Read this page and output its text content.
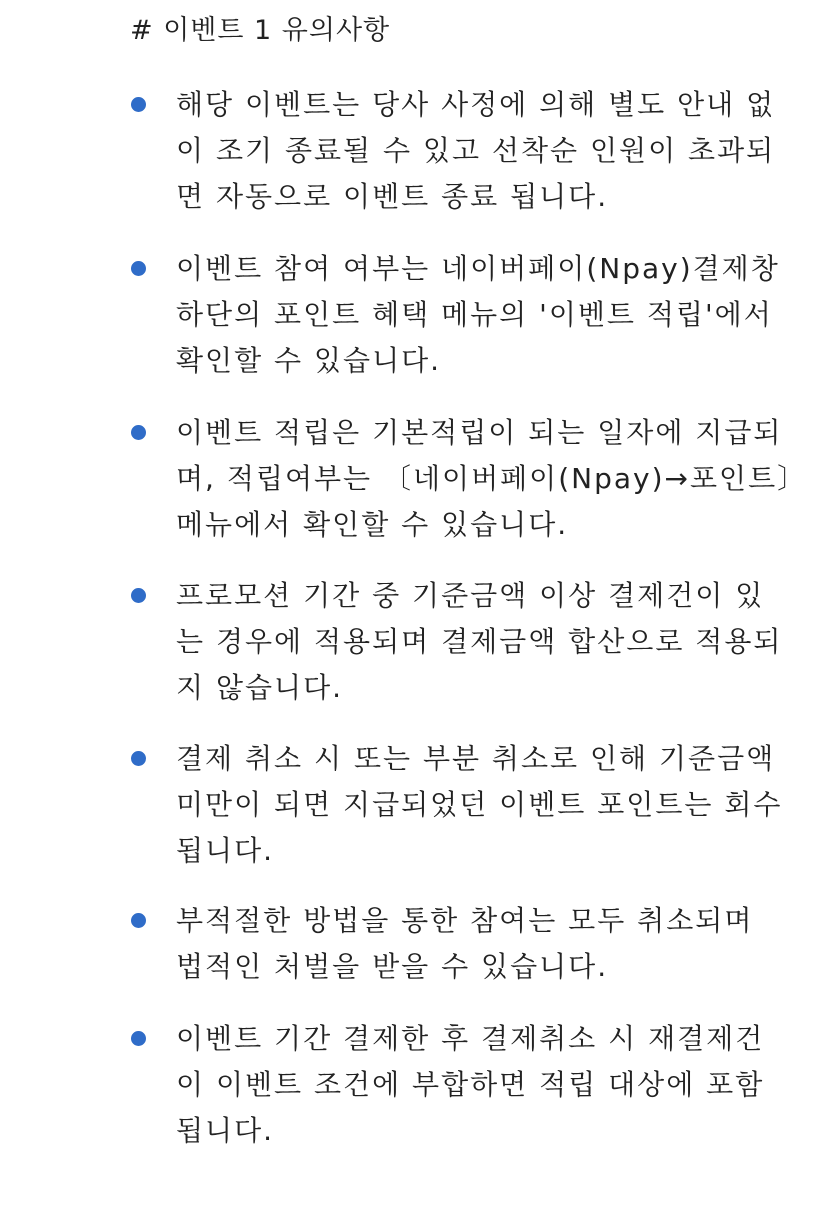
# 이벤트 1 유의사항
해당 이벤트는 당사 사정에 의해 별도 안내 없
이 조기 종료될 수 있고 선착순 인원이 초과되
면 자동으로 이벤트 종료 됩니다.
이벤트 참여 여부는 네이버페이(Npay)결제창
하단의 포인트 혜택 메뉴의 '이벤트 적립'에서
확인할 수 있습니다.
이벤트 적립은 기본적립이 되는 일자에 지급되
며, 적립여부는 〔네이버페이(Npay)→포인트〕
메뉴에서 확인할 수 있습니다.
프로모션 기간 중 기준금액 이상 결제건이 있
는 경우에 적용되며 결제금액 합산으로 적용되
지 않습니다.
결제 취소 시 또는 부분 취소로 인해 기준금액
미만이 되면 지급되었던 이벤트 포인트는 회수
됩니다.
부적절한 방법을 통한 참여는 모두 취소되며
법적인 처벌을 받을 수 있습니다.
이벤트 기간 결제한 후 결제취소 시 재결제건
이 이벤트 조건에 부합하면 적립 대상에 포함
됩니다.
